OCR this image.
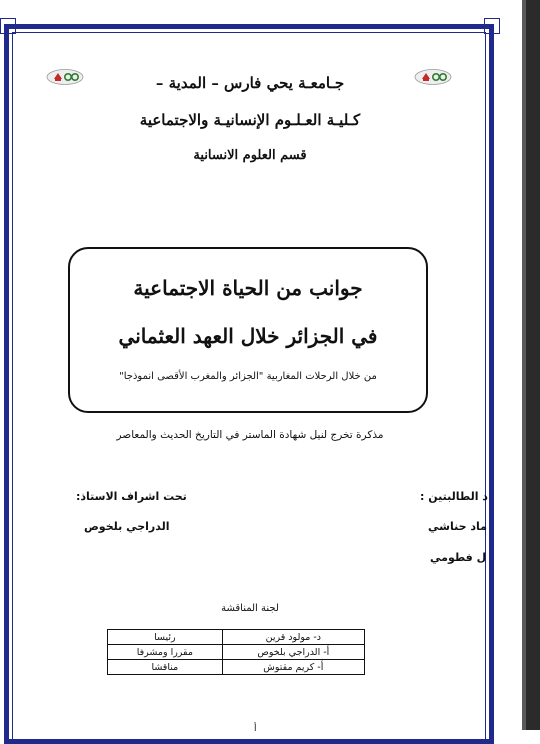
جـامعـة يحي فارس – المدية –
كـليـة العـلـوم الإنسانيـة والاجتماعية
قسم العلوم الانسانية
جوانب من الحياة الاجتماعية
في الجزائر خلال العهد العثماني
من خلال الرحلات المغاربية "الجزائر والمغرب الأقصى انموذجا"
مذكرة تخرج لنيل شهادة الماستر في التاريخ الحديث والمعاصر
د الطالبتين :
ماد حناشي
ل فطومي
تحت اشراف الاستاذ:
الدراجي بلخوص
لجنة المناقشة
د- مولود قرين	رئيسا
أ- الدراجي بلخوص	مقررا ومشرفا
أ- كريم مقتوش	مناقشا
أ
